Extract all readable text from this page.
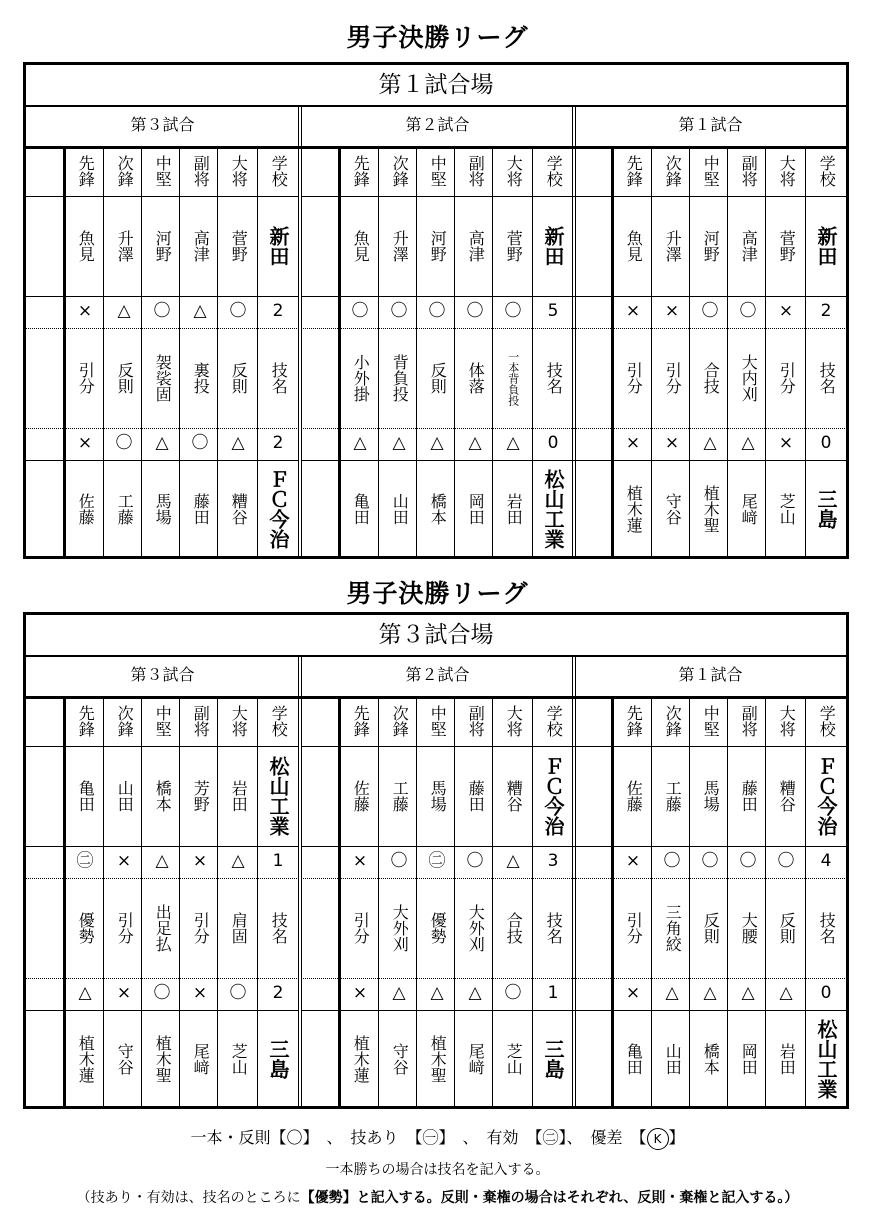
男子決勝リーグ
第１試合場
第３試合
先鋒	次鋒	中堅	副将	大将	学校
魚見	升澤	河野	高津	菅野 新田
×	△	〇	△	〇	2
引分	反則	袈裟固	裏投	反則	技名
×	〇	△	〇	△	2
佐藤	工藤	馬場	藤田	糟谷 ＦＣ今治
第２試合
先鋒	次鋒	中堅	副将	大将	学校
魚見	升澤	河野	高津	菅野 新田
〇	〇	〇	〇	〇	5
小外掛	背負投	反則	体落	一本背負投	技名
△	△	△	△	△	0
亀田	山田	橋本	岡田	岩田 松山工業
第１試合
先鋒	次鋒	中堅	副将	大将	学校
魚見	升澤	河野	高津	菅野 新田
×	×	〇	〇	×	2
引分	引分	合技	大内刈	引分	技名
×	×	△	△	×	0
植木蓮	守谷	植木聖	尾﨑	芝山 三島
男子決勝リーグ
第３試合場
第３試合
先鋒	次鋒	中堅	副将	大将	学校
亀田	山田	橋本	芳野	岩田 松山工業
㊁	×	△	×	△	1
優勢	引分	出足払	引分	肩固	技名
△	×	〇	×	〇	2
植木蓮	守谷	植木聖	尾﨑	芝山 三島
第２試合
先鋒	次鋒	中堅	副将	大将	学校
佐藤	工藤	馬場	藤田	糟谷 ＦＣ今治
×	〇	㊁	〇	△	3
引分	大外刈	優勢	大外刈	合技	技名
×	△	△	△	〇	1
植木蓮	守谷	植木聖	尾﨑	芝山 三島
第１試合
先鋒	次鋒	中堅	副将	大将	学校
佐藤	工藤	馬場	藤田	糟谷 ＦＣ今治
×	〇	〇	〇	〇	4
引分	三角絞	反則	大腰	反則	技名
×	△	△	△	△	0
亀田	山田	橋本	岡田	岩田 松山工業
一本・反則【〇】　、　技あり　【㊀】　、　有効　【㊁】、　優差　【 K 】
一本勝ちの場合は技名を記入する。
（技あり・有効は、技名のところに【優勢】と記入する。反則・棄権の場合はそれぞれ、反則・棄権と記入する。）
